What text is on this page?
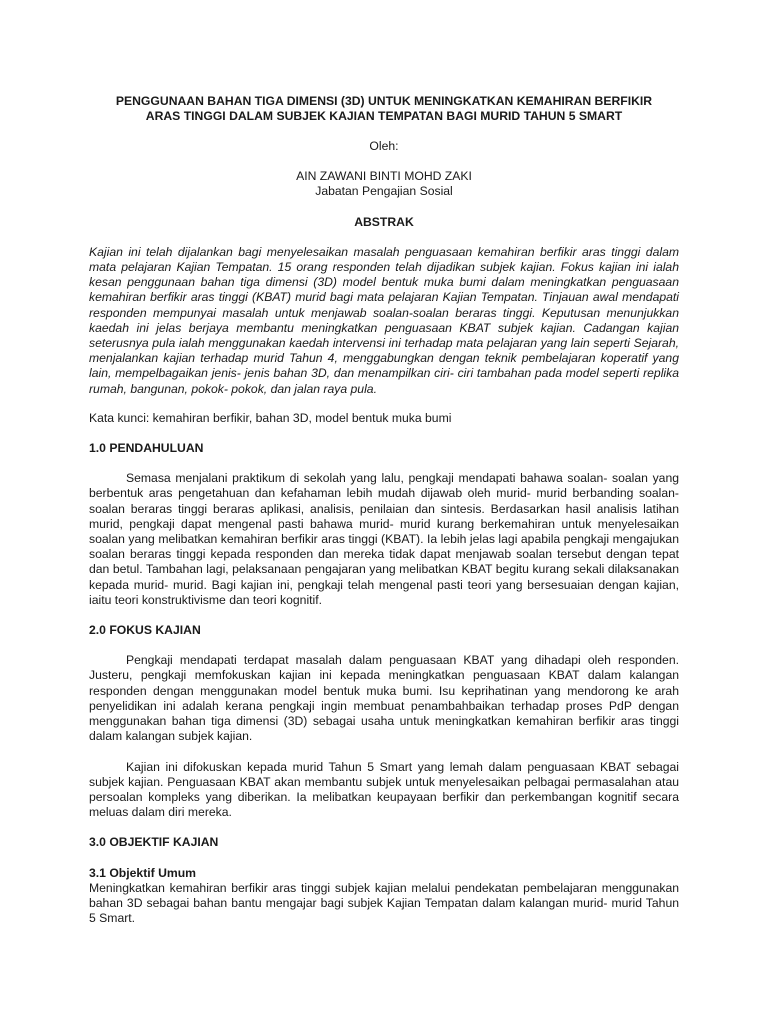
PENGGUNAAN BAHAN TIGA DIMENSI (3D) UNTUK MENINGKATKAN KEMAHIRAN BERFIKIR

ARAS TINGGI DALAM SUBJEK KAJIAN TEMPATAN BAGI MURID TAHUN 5 SMART

Oleh:

AIN ZAWANI BINTI MOHD ZAKI

Jabatan Pengajian Sosial

ABSTRAK

Kajian ini telah dijalankan bagi menyelesaikan masalah penguasaan kemahiran berfikir aras tinggi dalam mata pelajaran Kajian Tempatan. 15 orang responden telah dijadikan subjek kajian. Fokus kajian ini ialah kesan penggunaan bahan tiga dimensi (3D) model bentuk muka bumi dalam meningkatkan penguasaan kemahiran berfikir aras tinggi (KBAT) murid bagi mata pelajaran Kajian Tempatan. Tinjauan awal mendapati responden mempunyai masalah untuk menjawab soalan-soalan beraras tinggi. Keputusan menunjukkan kaedah ini jelas berjaya membantu meningkatkan penguasaan KBAT subjek kajian. Cadangan kajian seterusnya pula ialah menggunakan kaedah intervensi ini terhadap mata pelajaran yang lain seperti Sejarah, menjalankan kajian terhadap murid Tahun 4, menggabungkan dengan teknik pembelajaran koperatif yang lain, mempelbagaikan jenis- jenis bahan 3D, dan menampilkan ciri- ciri tambahan pada model seperti replika rumah, bangunan, pokok- pokok, dan jalan raya pula.

Kata kunci: kemahiran berfikir, bahan 3D, model bentuk muka bumi

1.0 PENDAHULUAN

Semasa menjalani praktikum di sekolah yang lalu, pengkaji mendapati bahawa soalan- soalan yang berbentuk aras pengetahuan dan kefahaman lebih mudah dijawab oleh murid- murid berbanding soalan-soalan beraras tinggi beraras aplikasi, analisis, penilaian dan sintesis. Berdasarkan hasil analisis latihan murid, pengkaji dapat mengenal pasti bahawa murid- murid kurang berkemahiran untuk menyelesaikan soalan yang melibatkan kemahiran berfikir aras tinggi (KBAT). Ia lebih jelas lagi apabila pengkaji mengajukan soalan beraras tinggi kepada responden dan mereka tidak dapat menjawab soalan tersebut dengan tepat dan betul. Tambahan lagi, pelaksanaan pengajaran yang melibatkan KBAT begitu kurang sekali dilaksanakan kepada murid- murid. Bagi kajian ini, pengkaji telah mengenal pasti teori yang bersesuaian dengan kajian, iaitu teori konstruktivisme dan teori kognitif.

2.0 FOKUS KAJIAN

Pengkaji mendapati terdapat masalah dalam penguasaan KBAT yang dihadapi oleh responden. Justeru, pengkaji memfokuskan kajian ini kepada meningkatkan penguasaan KBAT dalam kalangan responden dengan menggunakan model bentuk muka bumi. Isu keprihatinan yang mendorong ke arah penyelidikan ini adalah kerana pengkaji ingin membuat penambahbaikan terhadap proses PdP dengan menggunakan bahan tiga dimensi (3D) sebagai usaha untuk meningkatkan kemahiran berfikir aras tinggi dalam kalangan subjek kajian.

Kajian ini difokuskan kepada murid Tahun 5 Smart yang lemah dalam penguasaan KBAT sebagai subjek kajian. Penguasaan KBAT akan membantu subjek untuk menyelesaikan pelbagai permasalahan atau persoalan kompleks yang diberikan. Ia melibatkan keupayaan berfikir dan perkembangan kognitif secara meluas dalam diri mereka.

3.0 OBJEKTIF KAJIAN

3.1 Objektif Umum

Meningkatkan kemahiran berfikir aras tinggi subjek kajian melalui pendekatan pembelajaran menggunakan bahan 3D sebagai bahan bantu mengajar bagi subjek Kajian Tempatan dalam kalangan murid- murid Tahun 5 Smart.
